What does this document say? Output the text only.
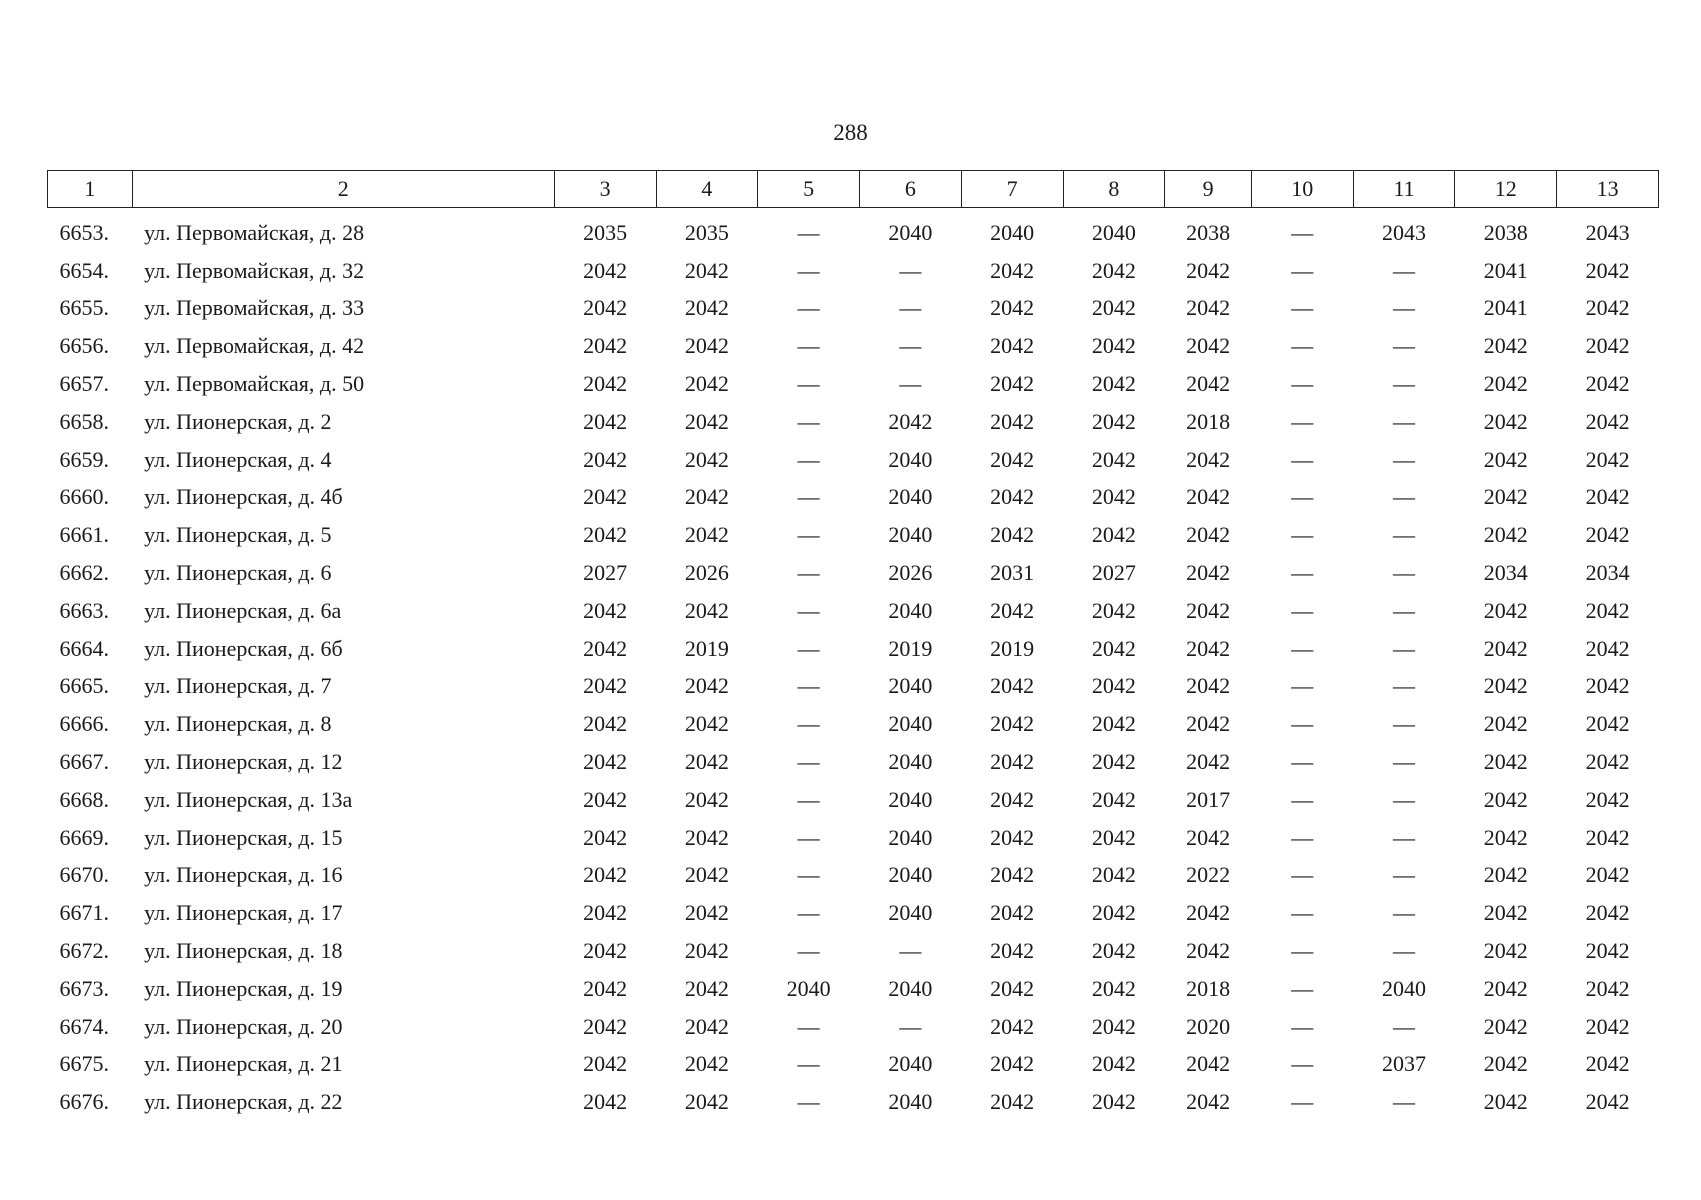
288
1	2	3	4	5	6	7	8	9	10	11	12	13
6653.	ул. Первомайская, д. 28	2035	2035	—	2040	2040	2040	2038	—	2043	2038	2043
6654.	ул. Первомайская, д. 32	2042	2042	—	—	2042	2042	2042	—	—	2041	2042
6655.	ул. Первомайская, д. 33	2042	2042	—	—	2042	2042	2042	—	—	2041	2042
6656.	ул. Первомайская, д. 42	2042	2042	—	—	2042	2042	2042	—	—	2042	2042
6657.	ул. Первомайская, д. 50	2042	2042	—	—	2042	2042	2042	—	—	2042	2042
6658.	ул. Пионерская, д. 2	2042	2042	—	2042	2042	2042	2018	—	—	2042	2042
6659.	ул. Пионерская, д. 4	2042	2042	—	2040	2042	2042	2042	—	—	2042	2042
6660.	ул. Пионерская, д. 4б	2042	2042	—	2040	2042	2042	2042	—	—	2042	2042
6661.	ул. Пионерская, д. 5	2042	2042	—	2040	2042	2042	2042	—	—	2042	2042
6662.	ул. Пионерская, д. 6	2027	2026	—	2026	2031	2027	2042	—	—	2034	2034
6663.	ул. Пионерская, д. 6а	2042	2042	—	2040	2042	2042	2042	—	—	2042	2042
6664.	ул. Пионерская, д. 6б	2042	2019	—	2019	2019	2042	2042	—	—	2042	2042
6665.	ул. Пионерская, д. 7	2042	2042	—	2040	2042	2042	2042	—	—	2042	2042
6666.	ул. Пионерская, д. 8	2042	2042	—	2040	2042	2042	2042	—	—	2042	2042
6667.	ул. Пионерская, д. 12	2042	2042	—	2040	2042	2042	2042	—	—	2042	2042
6668.	ул. Пионерская, д. 13а	2042	2042	—	2040	2042	2042	2017	—	—	2042	2042
6669.	ул. Пионерская, д. 15	2042	2042	—	2040	2042	2042	2042	—	—	2042	2042
6670.	ул. Пионерская, д. 16	2042	2042	—	2040	2042	2042	2022	—	—	2042	2042
6671.	ул. Пионерская, д. 17	2042	2042	—	2040	2042	2042	2042	—	—	2042	2042
6672.	ул. Пионерская, д. 18	2042	2042	—	—	2042	2042	2042	—	—	2042	2042
6673.	ул. Пионерская, д. 19	2042	2042	2040	2040	2042	2042	2018	—	2040	2042	2042
6674.	ул. Пионерская, д. 20	2042	2042	—	—	2042	2042	2020	—	—	2042	2042
6675.	ул. Пионерская, д. 21	2042	2042	—	2040	2042	2042	2042	—	2037	2042	2042
6676.	ул. Пионерская, д. 22	2042	2042	—	2040	2042	2042	2042	—	—	2042	2042
